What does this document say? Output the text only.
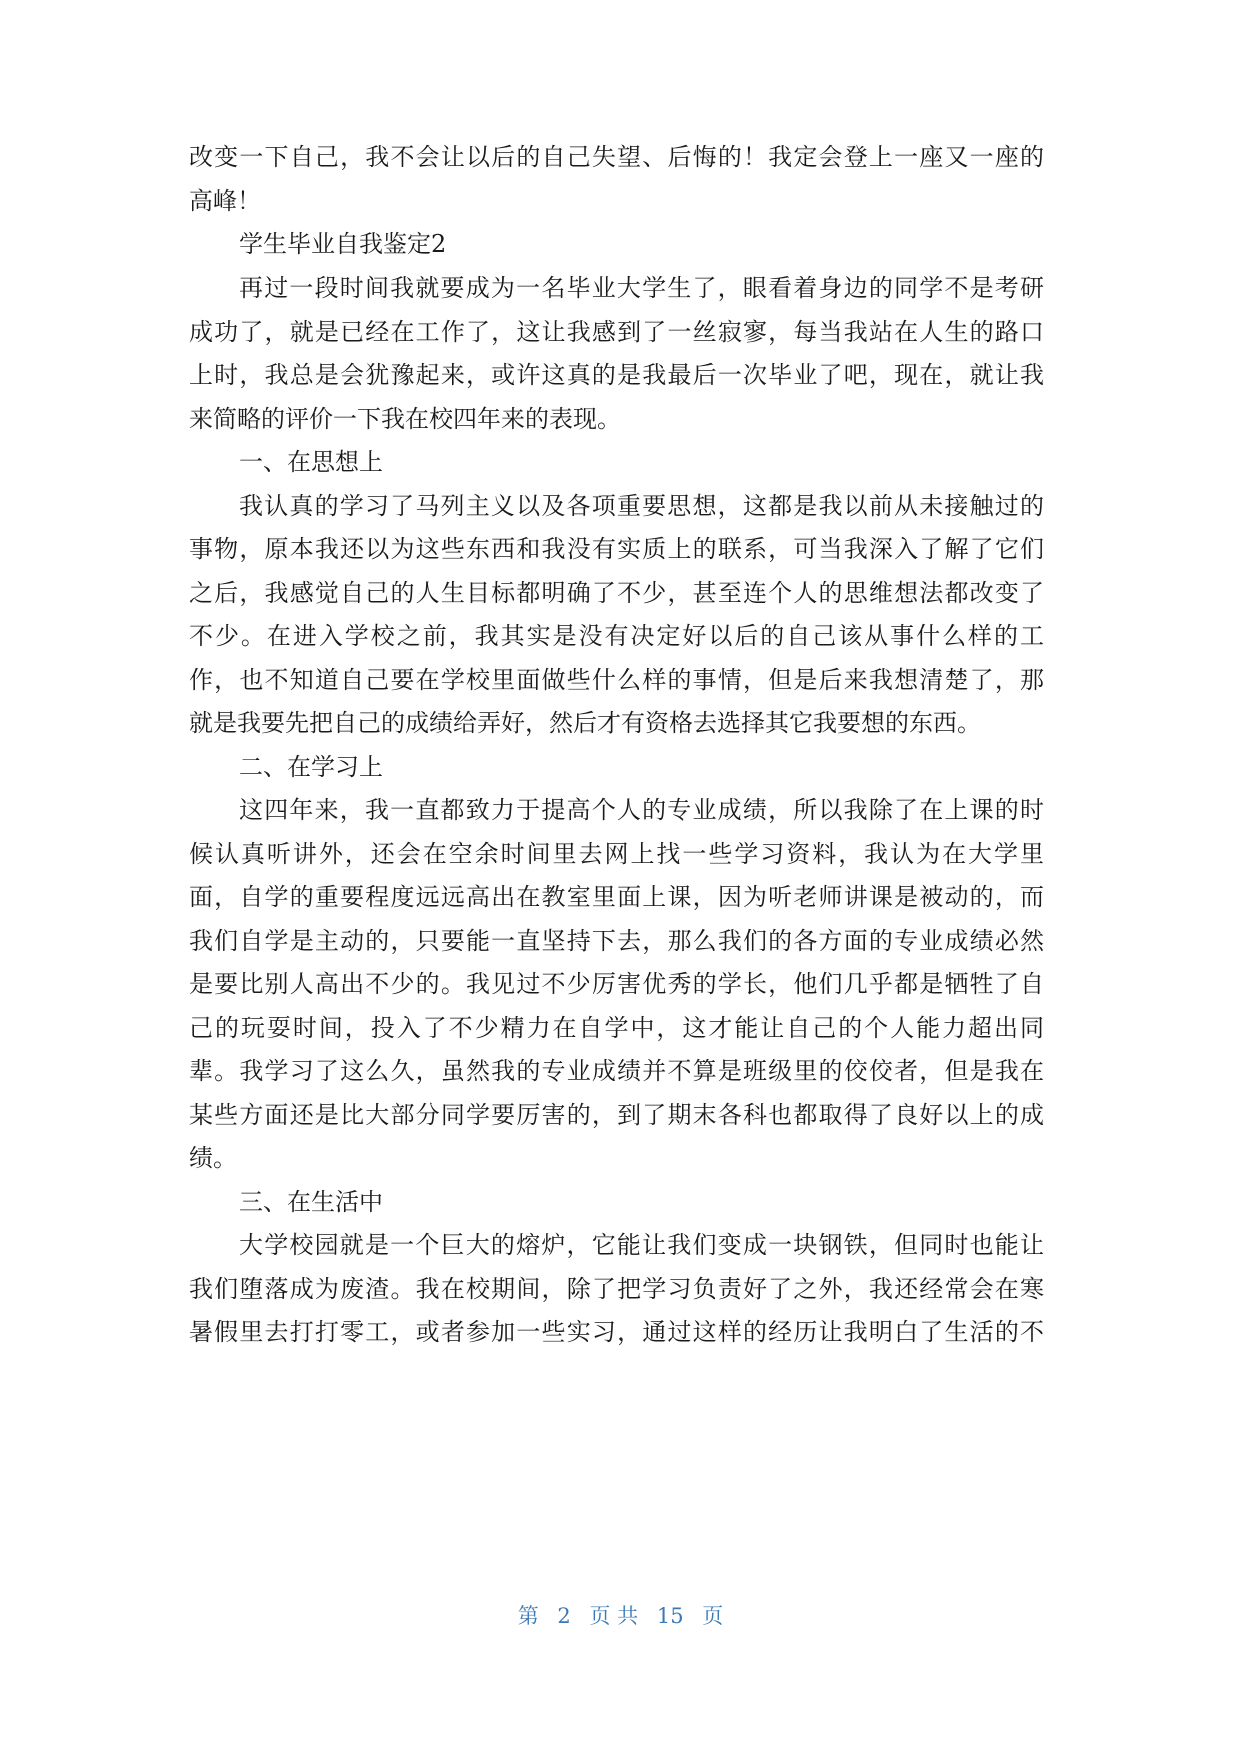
改变一下自己，我不会让以后的自己失望、后悔的！我定会登上一座又一座的
高峰！
学生毕业自我鉴定2
再过一段时间我就要成为一名毕业大学生了，眼看着身边的同学不是考研
成功了，就是已经在工作了，这让我感到了一丝寂寥，每当我站在人生的路口
上时，我总是会犹豫起来，或许这真的是我最后一次毕业了吧，现在，就让我
来简略的评价一下我在校四年来的表现。
一、在思想上
我认真的学习了马列主义以及各项重要思想，这都是我以前从未接触过的
事物，原本我还以为这些东西和我没有实质上的联系，可当我深入了解了它们
之后，我感觉自己的人生目标都明确了不少，甚至连个人的思维想法都改变了
不少。在进入学校之前，我其实是没有决定好以后的自己该从事什么样的工
作，也不知道自己要在学校里面做些什么样的事情，但是后来我想清楚了，那
就是我要先把自己的成绩给弄好，然后才有资格去选择其它我要想的东西。
二、在学习上
这四年来，我一直都致力于提高个人的专业成绩，所以我除了在上课的时
候认真听讲外，还会在空余时间里去网上找一些学习资料，我认为在大学里
面，自学的重要程度远远高出在教室里面上课，因为听老师讲课是被动的，而
我们自学是主动的，只要能一直坚持下去，那么我们的各方面的专业成绩必然
是要比别人高出不少的。我见过不少厉害优秀的学长，他们几乎都是牺牲了自
己的玩耍时间，投入了不少精力在自学中，这才能让自己的个人能力超出同
辈。我学习了这么久，虽然我的专业成绩并不算是班级里的佼佼者，但是我在
某些方面还是比大部分同学要厉害的，到了期末各科也都取得了良好以上的成
绩。
三、在生活中
大学校园就是一个巨大的熔炉，它能让我们变成一块钢铁，但同时也能让
我们堕落成为废渣。我在校期间，除了把学习负责好了之外，我还经常会在寒
暑假里去打打零工，或者参加一些实习，通过这样的经历让我明白了生活的不
第 2 页 共 15 页
